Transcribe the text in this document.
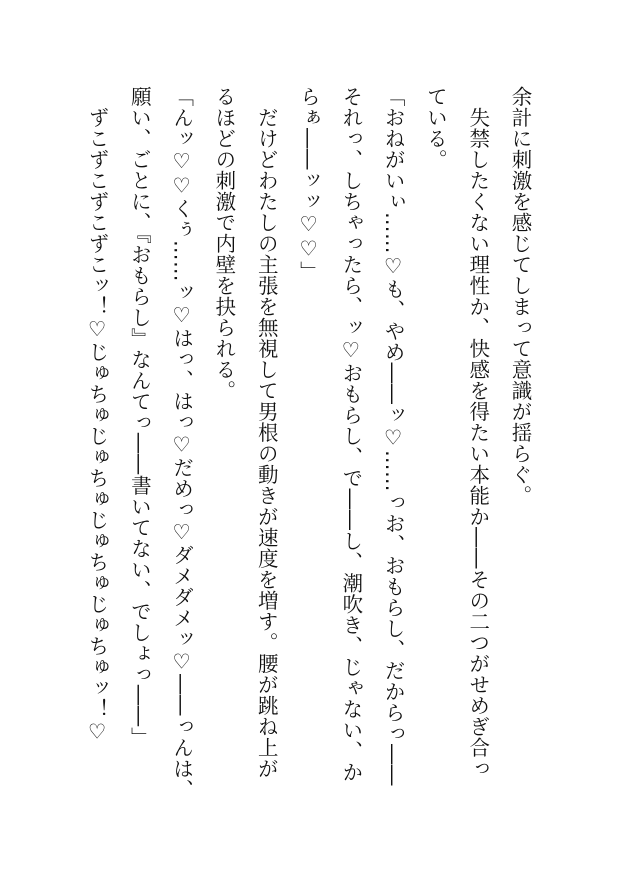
余計に刺激を感じてしまって意識が揺らぐ。

　失禁したくない理性か、快感を得たい本能か――その二つがせめぎ合っ

ている。

「おねがいぃ……♡も、やめ――ッ♡……っお、おもらし、だからっ――

それっ、しちゃったら、ッ♡おもらし、で――し、潮吹き、じゃない、か

らぁ――ッッ♡♡」

　だけどわたしの主張を無視して男根の動きが速度を増す。腰が跳ね上が

るほどの刺激で内壁を抉られる。

「んッ♡♡くぅ……ッ♡はっ、はっ♡だめっ♡ダメダメッ♡――っんは、

願い、ごとに、『おもらし』なんてっ――書いてない、でしょっ――」

　ずこずこずこずこッ！♡じゅちゅじゅちゅじゅちゅじゅちゅッ！♡
